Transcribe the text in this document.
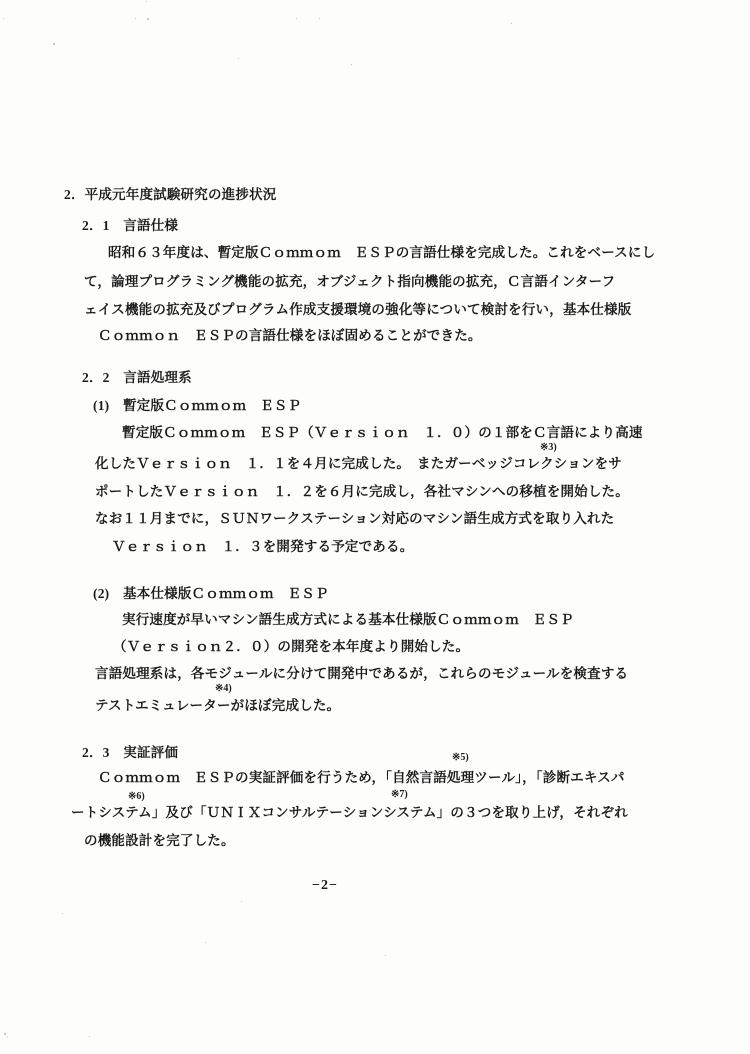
2．平成元年度試験研究の進捗状況
2．1　言語仕様
昭和６３年度は、暫定版Ｃｏｍｍｏｍ　ＥＳＰの言語仕様を完成した。これをベースにし
て，論理プログラミング機能の拡充，オブジェクト指向機能の拡充，Ｃ言語インターフ
ェイス機能の拡充及びプログラム作成支援環境の強化等について検討を行い，基本仕様版
Ｃｏｍｍｏｎ　ＥＳＰの言語仕様をほぼ固めることができた。
2．2　言語処理系
(1)　暫定版Ｃｏｍｍｏｍ　ＥＳＰ
暫定版Ｃｏｍｍｏｍ　ＥＳＰ（Ｖｅｒｓｉｏｎ　１．０）の１部をＣ言語により高速
※3)
化したＶｅｒｓｉｏｎ　１．１を４月に完成した。　またガーベッジコレクションをサ
ポートしたＶｅｒｓｉｏｎ　１．２を６月に完成し，各社マシンへの移植を開始した。
なお１１月までに，ＳＵＮワークステーション対応のマシン語生成方式を取り入れた
Ｖｅｒｓｉｏｎ　１．３を開発する予定である。
(2)　基本仕様版Ｃｏｍｍｏｍ　ＥＳＰ
実行速度が早いマシン語生成方式による基本仕様版Ｃｏｍｍｏｍ　ＥＳＰ
（Ｖｅｒｓｉｏｎ２．０）の開発を本年度より開始した。
言語処理系は，各モジュールに分けて開発中であるが，これらのモジュールを検査する
※4)
テストエミュレーターがほぼ完成した。
2．3　実証評価	※5)
Ｃｏｍｍｏｍ　ＥＳＰの実証評価を行うため，「自然言語処理ツール」，「診断エキスパ
※6)	※7)
ートシステム」及び「ＵＮＩＸコンサルテーションシステム」の３つを取り上げ，それぞれ
の機能設計を完了した。
−2−
